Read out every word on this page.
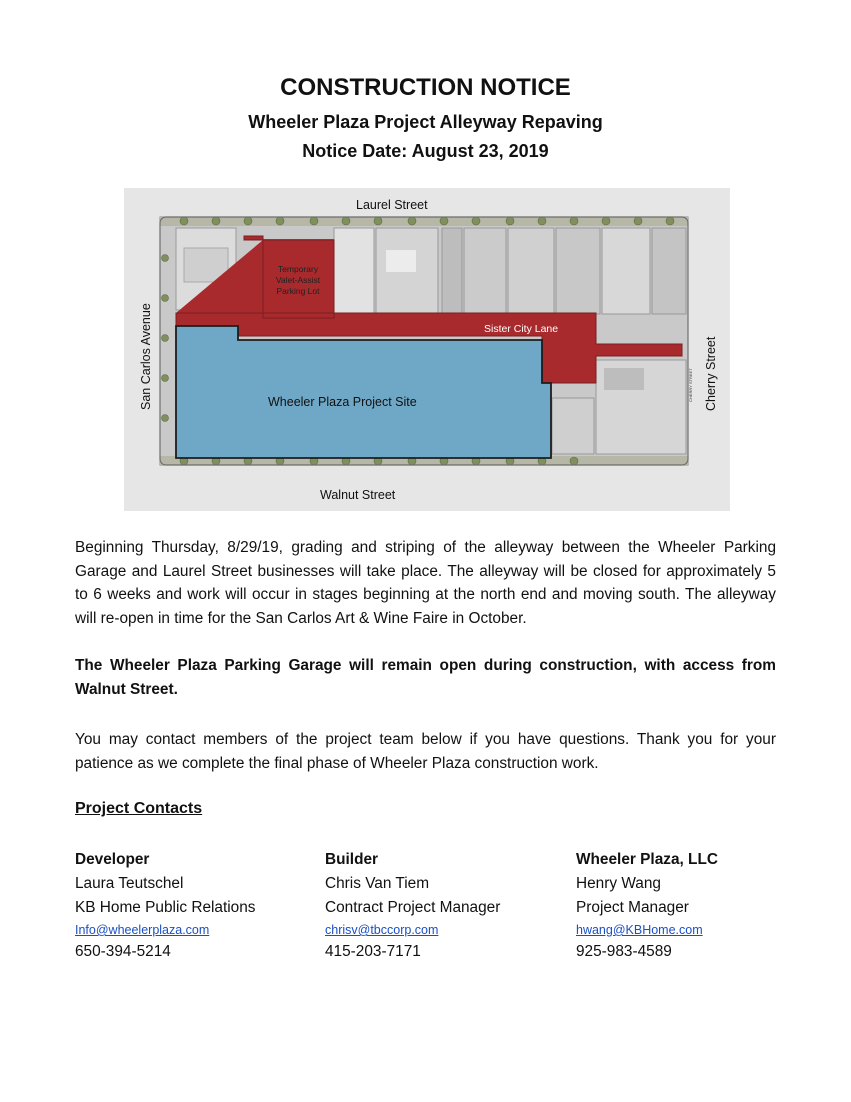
CONSTRUCTION NOTICE
Wheeler Plaza Project Alleyway Repaving
Notice Date: August 23, 2019
Laurel Street
Walnut Street
San Carlos Avenue	Cherry Street
Sister City Lane
Wheeler Plaza Project Site
Temporary
Valet-Assist
Parking Lot
CHERRY STREET

Beginning Thursday, 8/29/19, grading and striping of the alleyway between the Wheeler Parking Garage and Laurel Street businesses will take place. The alleyway will be closed for approximately 5 to 6 weeks and work will occur in stages beginning at the north end and moving south. The alleyway will re-open in time for the San Carlos Art & Wine Faire in October.

The Wheeler Plaza Parking Garage will remain open during construction, with access from Walnut Street.

You may contact members of the project team below if you have questions. Thank you for your patience as we complete the final phase of Wheeler Plaza construction work.

Project Contacts

Developer
Laura Teutschel
KB Home Public Relations
Info@wheelerplaza.com
650-394-5214
Builder
Chris Van Tiem
Contract Project Manager
chrisv@tbccorp.com
415-203-7171
Wheeler Plaza, LLC
Henry Wang
Project Manager
hwang@KBHome.com
925-983-4589
